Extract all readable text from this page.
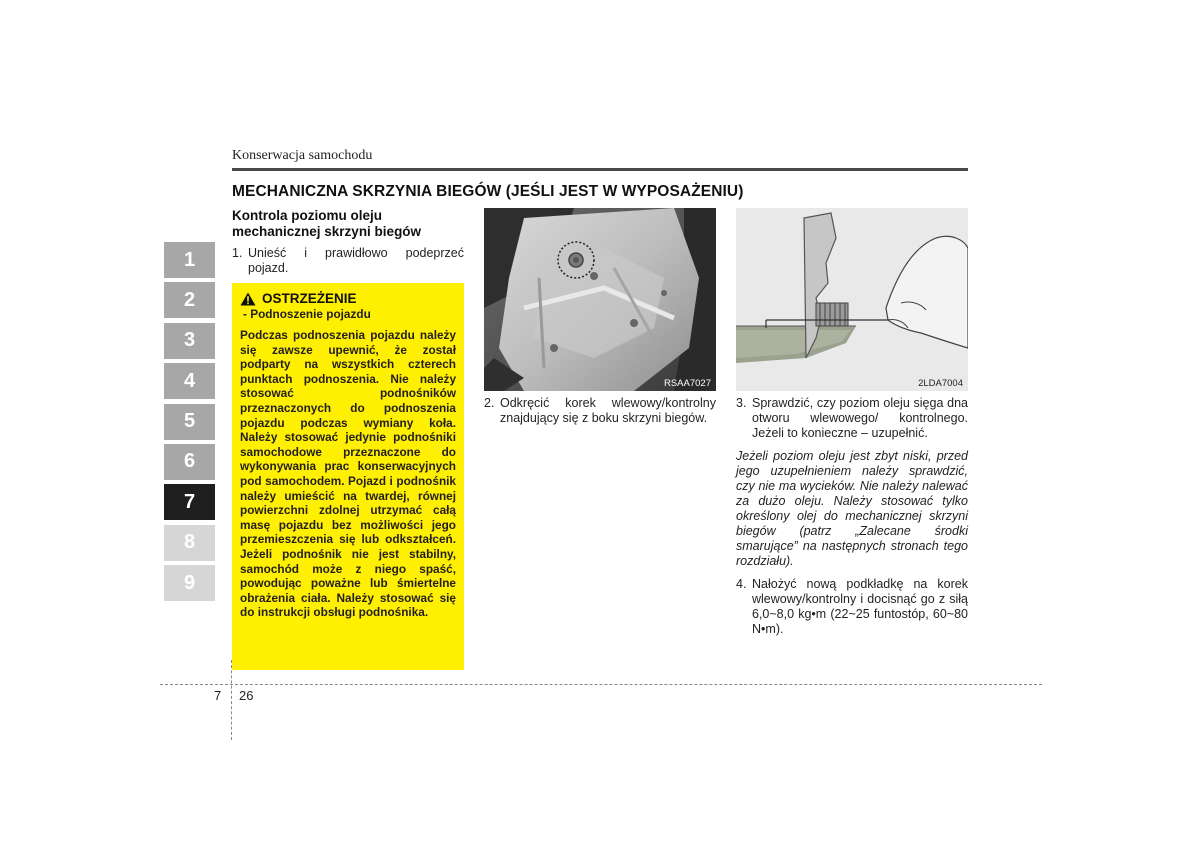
Konserwacja samochodu
MECHANICZNA SKRZYNIA BIEGÓW (JEŚLI JEST W WYPOSAŻENIU)
1
2
3
4
5
6
7
8
9
Kontrola poziomu oleju mechanicznej skrzyni biegów
1. Unieść i prawidłowo podeprzeć pojazd.
OSTRZEŻENIE
- Podnoszenie pojazdu
Podczas podnoszenia pojazdu należy się zawsze upewnić, że został podparty na wszystkich czterech punktach podnoszenia. Nie należy stosować podnośników przeznaczonych do podnoszenia pojazdu podczas wymiany koła. Należy stosować jedynie podnośniki samochodowe przeznaczone do wykonywania prac konserwacyjnych pod samochodem. Pojazd i podnośnik należy umieścić na twardej, równej powierzchni zdolnej utrzymać całą masę pojazdu bez możliwości jego przemieszczenia się lub odkształceń. Jeżeli podnośnik nie jest stabilny, samochód może z niego spaść, powodując poważne lub śmiertelne obrażenia ciała. Należy stosować się do instrukcji obsługi podnośnika.
RSAA7027	2LDA7004
2. Odkręcić korek wlewowy/kontrolny znajdujący się z boku skrzyni biegów.
3. Sprawdzić, czy poziom oleju sięga dna otworu wlewowego/ kontrolnego. Jeżeli to konieczne – uzupełnić.
Jeżeli poziom oleju jest zbyt niski, przed jego uzupełnieniem należy sprawdzić, czy nie ma wycieków. Nie należy nalewać za dużo oleju. Należy stosować tylko określony olej do mechanicznej skrzyni biegów (patrz „Zalecane środki smarujące” na następnych stronach tego rozdziału).
4. Nałożyć nową podkładkę na korek wlewowy/kontrolny i docisnąć go z siłą 6,0~8,0 kg•m (22~25 funtostóp, 60~80 N•m).
7 26
